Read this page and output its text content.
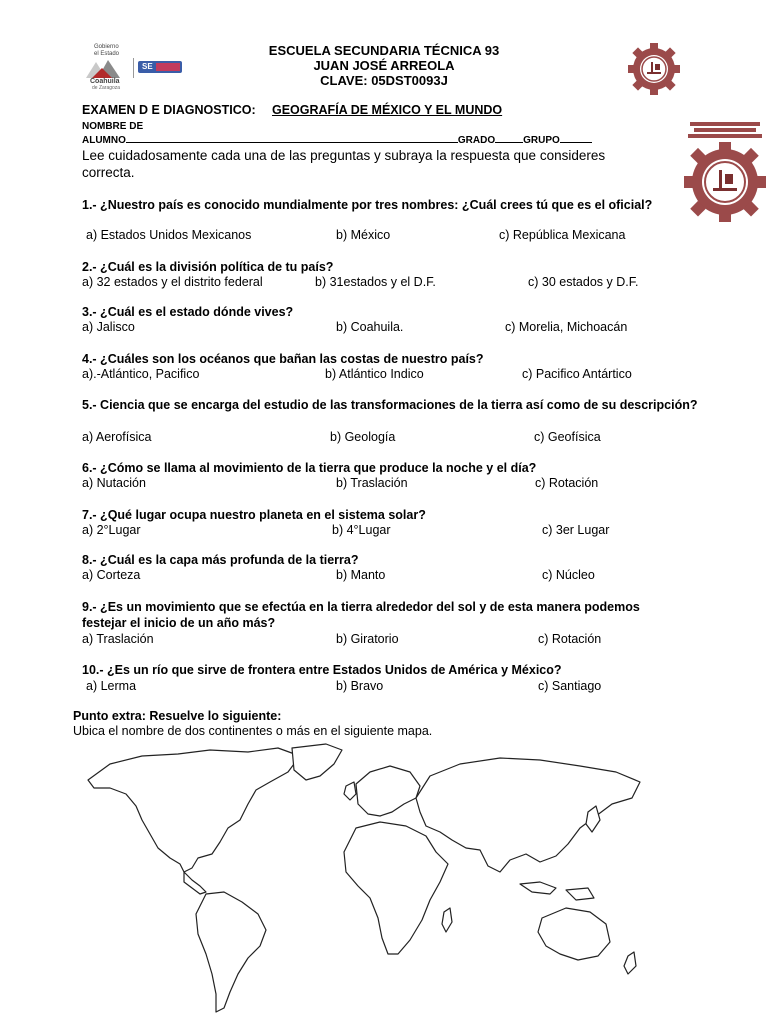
Gobierno
el Estado
Coahuila
de Zaragoza
SE
ESCUELA SECUNDARIA TÉCNICA 93
JUAN JOSÉ ARREOLA
CLAVE: 05DST0093J
EXAMEN D E DIAGNOSTICO: GEOGRAFÍA DE MÉXICO Y EL MUNDO
NOMBRE DE
ALUMNO	GRADO	GRUPO
Lee cuidadosamente cada una de las preguntas y subraya la respuesta que consideres correcta.
1.- ¿Nuestro país es conocido mundialmente por tres nombres: ¿Cuál crees tú que es el oficial?
a) Estados Unidos Mexicanos	b) México	c) República Mexicana
2.- ¿Cuál es la división política de tu país?
a) 32 estados y el distrito federal	b) 31estados y el D.F.	c) 30 estados y D.F.
3.- ¿Cuál es el estado dónde vives?
a) Jalisco	b) Coahuila.	c) Morelia, Michoacán
4.- ¿Cuáles son los océanos que bañan las costas de nuestro país?
a).-Atlántico, Pacifico	b) Atlántico Indico	c) Pacifico Antártico
5.- Ciencia que se encarga del estudio de las transformaciones de la tierra así como de su descripción?
a) Aerofísica	b) Geología	c) Geofísica
6.- ¿Cómo se llama al movimiento de la tierra que produce la noche y el día?
a) Nutación	b) Traslación	c) Rotación
7.- ¿Qué lugar ocupa nuestro planeta en el sistema solar?
a) 2°Lugar	b) 4°Lugar	c) 3er Lugar
8.- ¿Cuál es la capa más profunda de la tierra?
a) Corteza	b) Manto	c) Núcleo
9.- ¿Es un movimiento que se efectúa en la tierra alrededor del sol y de esta manera podemos festejar el inicio de un año más?
a) Traslación	b) Giratorio	c) Rotación
10.- ¿Es un río que sirve de frontera entre Estados Unidos de América y México?
a) Lerma	b) Bravo	c) Santiago
Punto extra: Resuelve lo siguiente:
Ubica el nombre de dos continentes o más en el siguiente mapa.
